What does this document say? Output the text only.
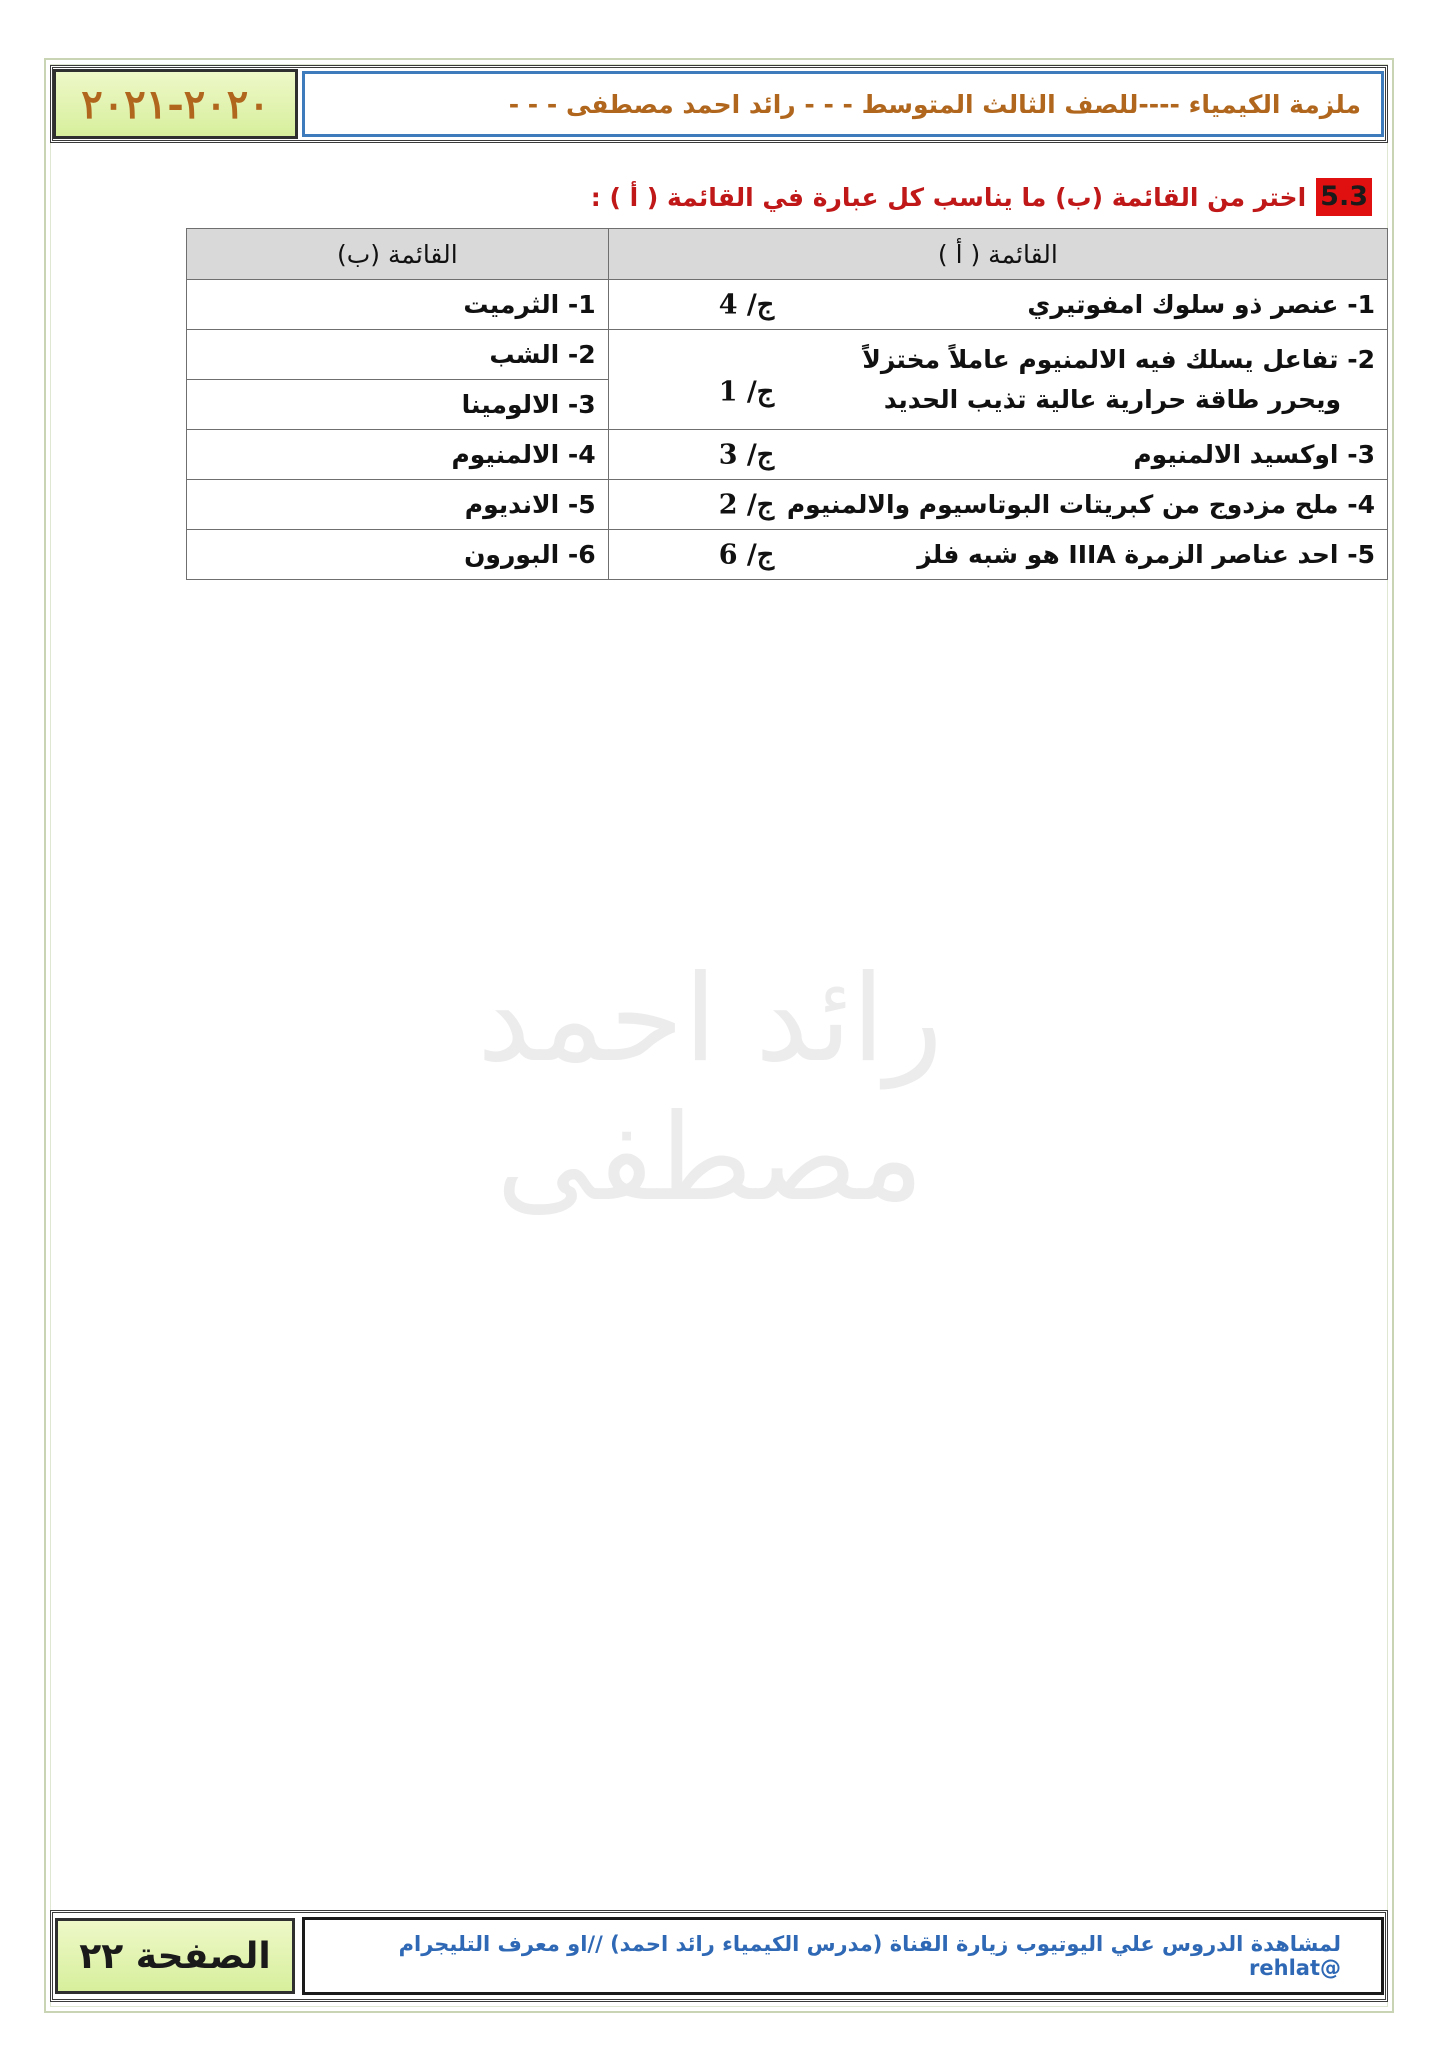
٢٠٢٠-٢٠٢١	ملزمة الكيمياء ----للصف الثالث المتوسط - - - رائد احمد مصطفى - - -
5.3
اختر من القائمة (ب) ما يناسب كل عبارة في القائمة ( أ ) :
القائمة ( أ )	القائمة (ب)

1- عنصر ذو سلوك امفوتيري
ج/ 4	1- الثرميت

2- تفاعل يسلك فيه الالمنيوم عاملاً مختزلاً
ويحرر طاقة حرارية عالية تذيب الحديد
ج/ 1	2- الشب
	3- الالومينا

3- اوكسيد الالمنيوم
ج/ 3	4- الالمنيوم

4- ملح مزدوج من كبريتات البوتاسيوم والالمنيوم
ج/ 2	5- الانديوم

5- احد عناصر الزمرة IIIA هو شبه فلز
ج/ 6	6- البورون
رائد احمد مصطفى
الصفحة ٢٢	لمشاهدة الدروس علي اليوتيوب زيارة القناة (مدرس الكيمياء رائد احمد) //او معرف التليجرام @rehlat
